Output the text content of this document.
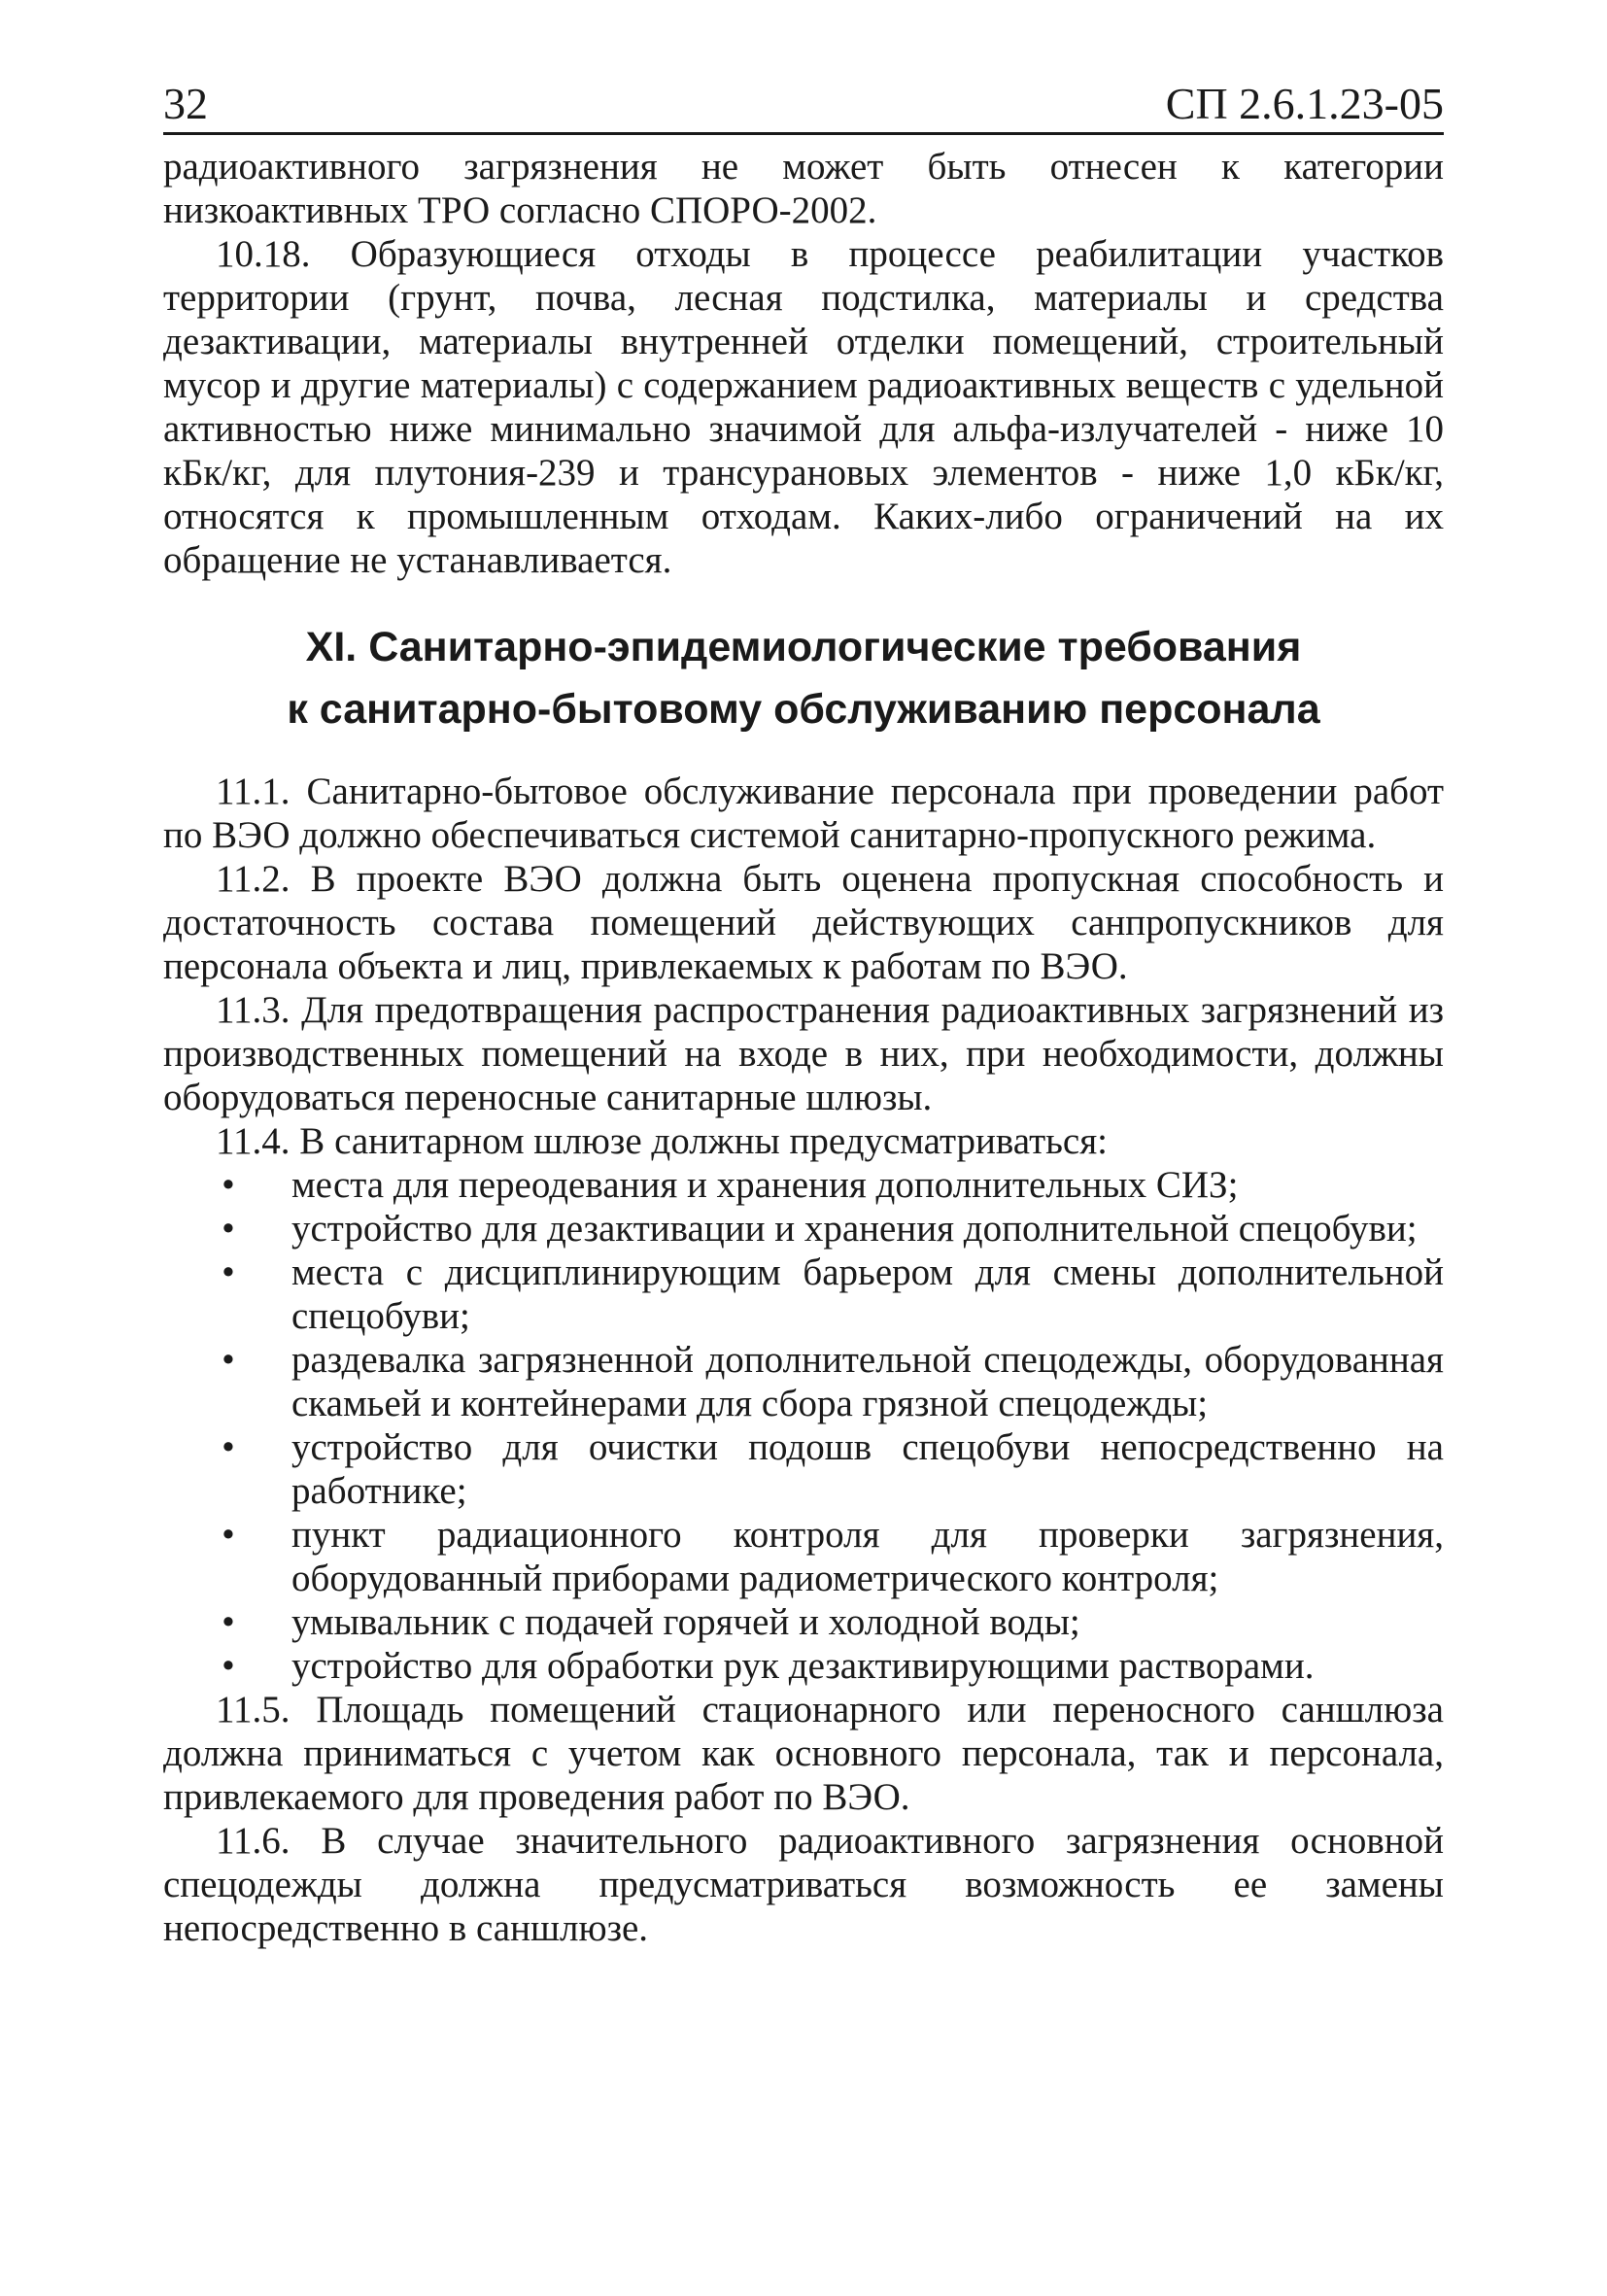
32	СП 2.6.1.23-05

радиоактивного загрязнения не может быть отнесен к категории низкоактивных ТРО согласно СПОРО-2002.

10.18. Образующиеся отходы в процессе реабилитации участков территории (грунт, почва, лесная подстилка, материалы и средства дезактивации, материалы внутренней отделки помещений, строительный мусор и другие материалы) с содержанием радиоактивных веществ с удельной активностью ниже минимально значимой для альфа-излучателей - ниже 10 кБк/кг, для плутония-239 и трансурановых элементов - ниже 1,0 кБк/кг, относятся к промышленным отходам. Каких-либо ограничений на их обращение не устанавливается.

XI. Санитарно-эпидемиологические требования
к санитарно-бытовому обслуживанию персонала

11.1. Санитарно-бытовое обслуживание персонала при проведении работ по ВЭО должно обеспечиваться системой санитарно-пропускного режима.

11.2. В проекте ВЭО должна быть оценена пропускная способность и достаточность состава помещений действующих санпропускников для персонала объекта и лиц, привлекаемых к работам по ВЭО.

11.3. Для предотвращения распространения радиоактивных загрязнений из производственных помещений на входе в них, при необходимости, должны оборудоваться переносные санитарные шлюзы.

11.4. В санитарном шлюзе должны предусматриваться:

• места для переодевания и хранения дополнительных СИЗ;
• устройство для дезактивации и хранения дополнительной спецобуви;
• места с дисциплинирующим барьером для смены дополнительной спецобуви;
• раздевалка загрязненной дополнительной спецодежды, оборудованная скамьей и контейнерами для сбора грязной спецодежды;
• устройство для очистки подошв спецобуви непосредственно на работнике;
• пункт радиационного контроля для проверки загрязнения, оборудованный приборами радиометрического контроля;
• умывальник с подачей горячей и холодной воды;
• устройство для обработки рук дезактивирующими растворами.

11.5. Площадь помещений стационарного или переносного саншлюза должна приниматься с учетом как основного персонала, так и персонала, привлекаемого для проведения работ по ВЭО.

11.6. В случае значительного радиоактивного загрязнения основной спецодежды должна предусматриваться возможность ее замены непосредственно в саншлюзе.
